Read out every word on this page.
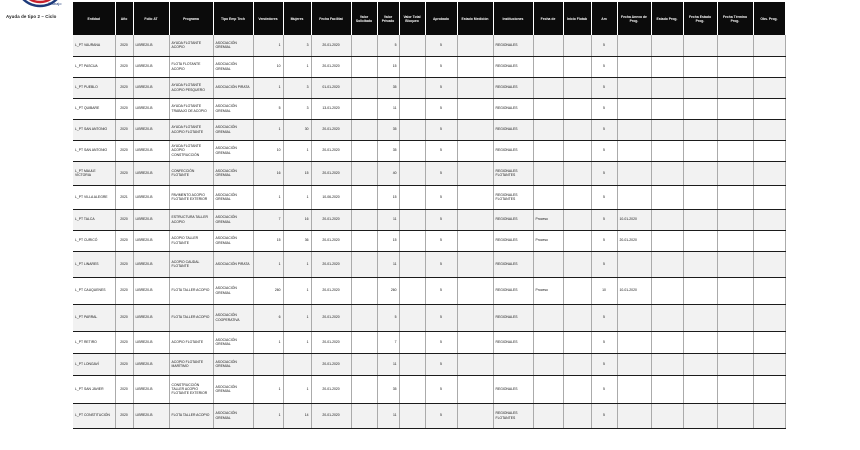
Trabajo
Ayuda de tipo 2 – Ciclo	Entidad	Año	Folio AT	Programa	Tipo Emp Tech	Vendedores	Mujeres	Fecha Facilitat	Valor Solicitado	Valor Privado	Valor Total Bloqueo	Aprobado	Estado Medición	Instituciones	Fecha de	Inicio Flotab	Am	Fecha Anexo de Prog.	Estado Prog.	Fecha Estado Prog.	Fecha Término Prog.	Obs. Prog.
L_PT VAURANA	2020	LIBRE20-B	AYUDA FLOTANTE ACOPIO	ASOCIACIÓN GREMIAL	1	3	20-01-2020		5		5		REGIONALES			5					
L_PT PASCUA	2020	LIBRE20-B	FLOTA FLOTANTE ACOPIO	ASOCIACIÓN GREMIAL	10	1	20-01-2020		15		5		REGIONALES			5					
L_PT PUEBLO	2020	LIBRE20-B	AYUDA FLOTANTE ACOPIO PESQUERO	ASOCIACIÓN PIRATA	1	3	01-01-2020		35		5		REGIONALES			5					
L_PT QUIBARE	2020	LIBRE20-B	AYUDA FLOTANTE TRABAJO DE ACOPIO	ASOCIACIÓN GREMIAL	5	3	13-01-2020		11		5		REGIONALES			5					
L_PT SAN ANTONIO	2020	LIBRE20-B	AYUDA FLOTANTE ACOPIO FLOTANTE	ASOCIACIÓN GREMIAL	1	30	20-01-2020		35		5		REGIONALES			5					
L_PT SAN ANTONIO	2020	LIBRE20-B	AYUDA FLOTANTE ACOPIO CONSTRUCCIÓN	ASOCIACIÓN GREMIAL	10	1	20-01-2020		35		5		REGIONALES			5					
L_PT MAULE VICTORIA	2020	LIBRE20-B	CONFECCIÓN FLOTANTE	ASOCIACIÓN GREMIAL	16	15	20-01-2020		40		5		REGIONALES FLOTANTES			5					
L_PT VILLA ALEGRE	2021	LIBRE20-B	PAVIMENTO ACOPIO FLOTANTE EXTERIOR	ASOCIACIÓN GREMIAL	1	1	10-06-2020		15		5		REGIONALES FLOTANTES			5					
L_PT TALCA	2020	LIBRE20-B	ESTRUCTURA TALLER ACOPIO	ASOCIACIÓN GREMIAL	7	16	20-01-2020		11		5		REGIONALES	Proceso		5	10-01-2020				
L_PT CURICÓ	2020	LIBRE20-B	ACOPIO TALLER FLOTANTE	ASOCIACIÓN GREMIAL	15	36	20-01-2020		15		5		REGIONALES	Proceso		5	20-01-2020				
L_PT LINARES	2020	LIBRE20-B	ACOPIO CAUDAL FLOTANTE	ASOCIACIÓN PIRATA	1	1	20-01-2020		11		5		REGIONALES			5					
L_PT CAUQUENES	2020	LIBRE20-B	FLOTA TALLER ACOPIO	ASOCIACIÓN GREMIAL	260	1	20-01-2020		260		5		REGIONALES	Proceso		10	10-01-2020				
L_PT PARRAL	2020	LIBRE20-B	FLOTA TALLER ACOPIO	ASOCIACIÓN COOPERATIVA	6	1	20-01-2020		5		5		REGIONALES			5					
L_PT RETIRO	2020	LIBRE20-B	ACOPIO FLOTANTE	ASOCIACIÓN GREMIAL	1	1	20-01-2020		7		5		REGIONALES			5					
L_PT LONGAVÍ	2020	LIBRE20-B	ACOPIO FLOTANTE MARÍTIMO	ASOCIACIÓN GREMIAL			20-01-2020		11		5					5					
L_PT SAN JAVIER	2020	LIBRE20-B	CONSTRUCCIÓN TALLER ACOPIO FLOTANTE EXTERIOR	ASOCIACIÓN GREMIAL	1	1	20-01-2020		35		5		REGIONALES			5					
L_PT CONSTITUCIÓN	2020	LIBRE20-B	FLOTA TALLER ACOPIO	ASOCIACIÓN GREMIAL	1	14	20-01-2020		11		5		REGIONALES FLOTANTES			5					
